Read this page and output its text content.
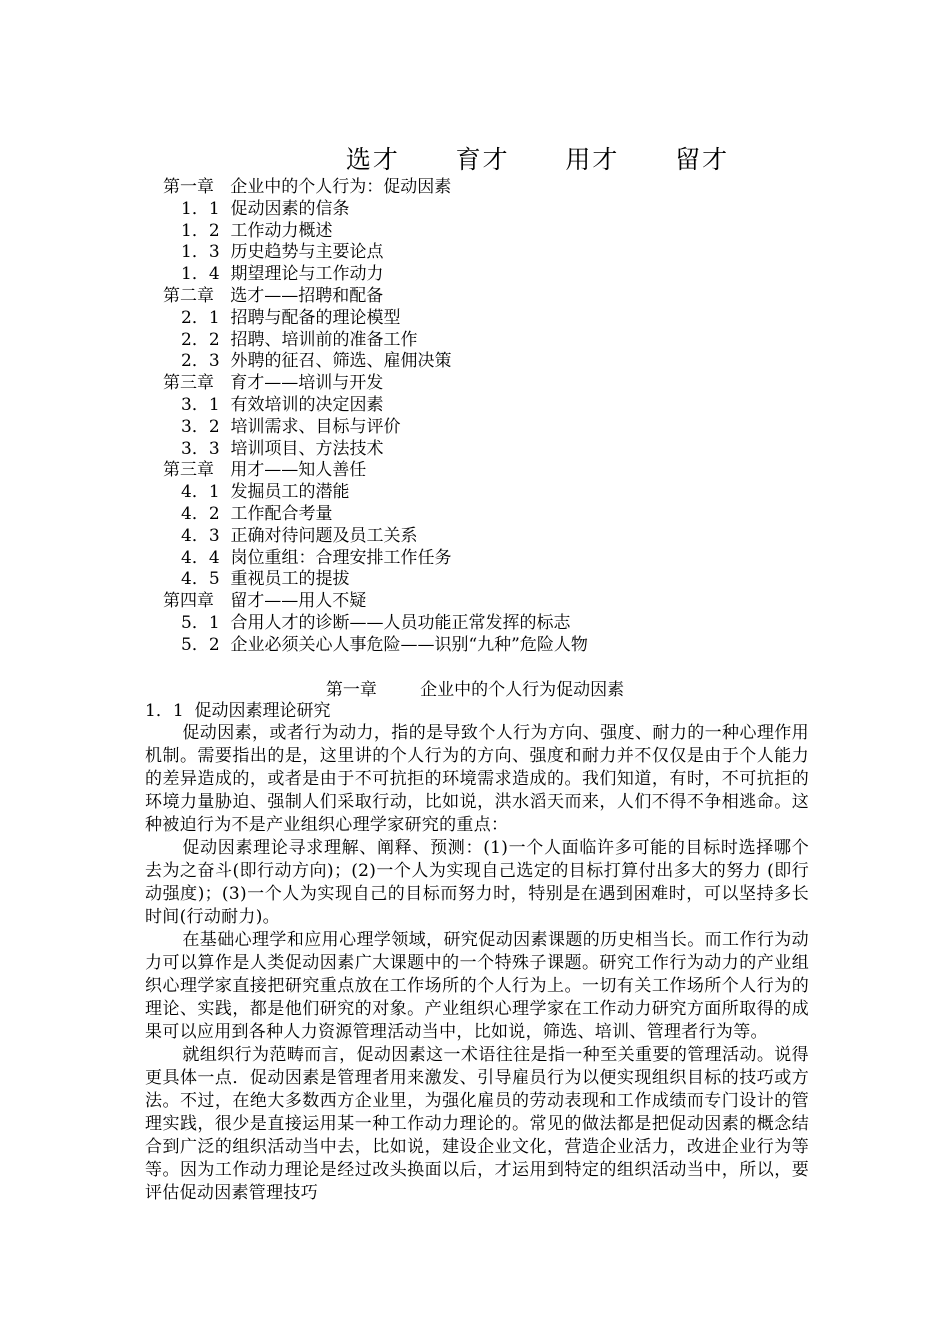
选才    育才    用才    留才
第一章   企业中的个人行为：促动因素
1．1  促动因素的信条
1．2  工作动力概述
1．3  历史趋势与主要论点
1．4  期望理论与工作动力
第二章   选才——招聘和配备
2．1  招聘与配备的理论模型
2．2  招聘、培训前的准备工作
2．3  外聘的征召、筛选、雇佣决策
第三章   育才——培训与开发
3．1  有效培训的决定因素
3．2  培训需求、目标与评价
3．3  培训项目、方法技术
第三章   用才——知人善任
4．1  发掘员工的潜能
4．2  工作配合考量
4．3  正确对待问题及员工关系
4．4  岗位重组：合理安排工作任务
4．5  重视员工的提拔
第四章   留才——用人不疑
5．1  合用人才的诊断——人员功能正常发挥的标志
5．2  企业必须关心人事危险——识别“九种”危险人物
第一章        企业中的个人行为促动因素
1．1  促动因素理论研究

促动因素，或者行为动力，指的是导致个人行为方向、强度、耐力的一种心理作用机制。需要指出的是，这里讲的个人行为的方向、强度和耐力并不仅仅是由于个人能力的差异造成的，或者是由于不可抗拒的环境需求造成的。我们知道，有时，不可抗拒的环境力量胁迫、强制人们采取行动，比如说，洪水滔天而来，人们不得不争相逃命。这种被迫行为不是产业组织心理学家研究的重点：

促动因素理论寻求理解、阐释、预测：(1)一个人面临许多可能的目标时选择哪个去为之奋斗(即行动方向)；(2)一个人为实现自己选定的目标打算付出多大的努力 (即行动强度)；(3)一个人为实现自己的目标而努力时，特别是在遇到困难时，可以坚持多长时间(行动耐力)。

在基础心理学和应用心理学领域，研究促动因素课题的历史相当长。而工作行为动力可以算作是人类促动因素广大课题中的一个特殊子课题。研究工作行为动力的产业组织心理学家直接把研究重点放在工作场所的个人行为上。一切有关工作场所个人行为的理论、实践，都是他们研究的对象。产业组织心理学家在工作动力研究方面所取得的成果可以应用到各种人力资源管理活动当中，比如说，筛选、培训、管理者行为等。

就组织行为范畴而言，促动因素这一术语往往是指一种至关重要的管理活动。说得更具体一点．促动因素是管理者用来激发、引导雇员行为以便实现组织目标的技巧或方法。不过，在绝大多数西方企业里，为强化雇员的劳动表现和工作成绩而专门设计的管理实践，很少是直接运用某一种工作动力理论的。常见的做法都是把促动因素的概念结合到广泛的组织活动当中去，比如说，建设企业文化，营造企业活力，改进企业行为等等。因为工作动力理论是经过改头换面以后，才运用到特定的组织活动当中，所以，要评估促动因素管理技巧
